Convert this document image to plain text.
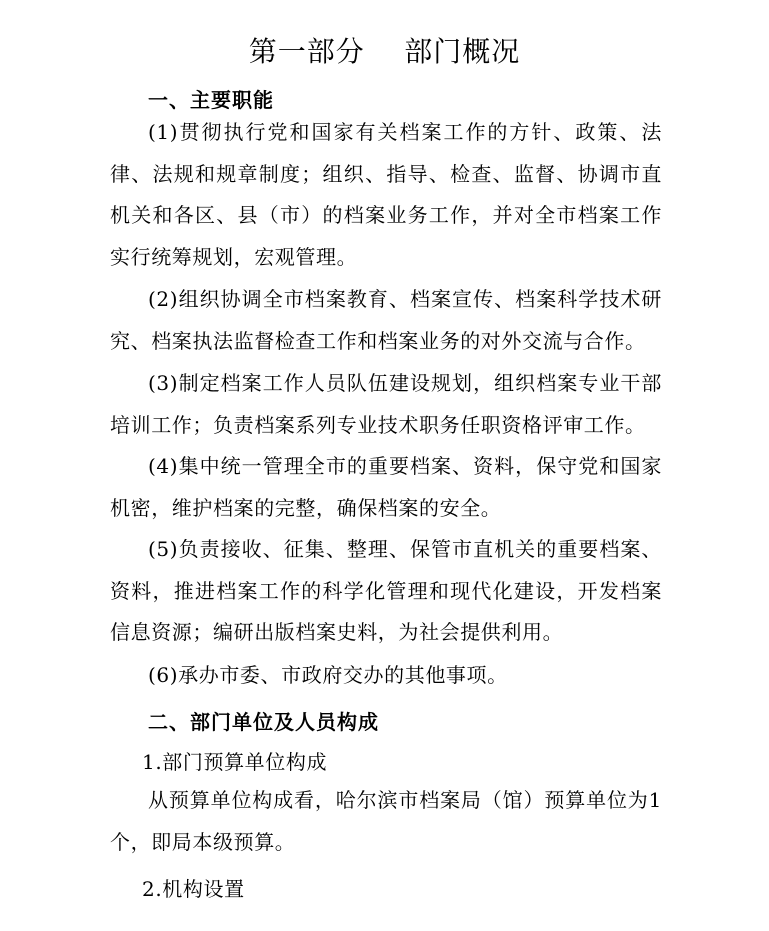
第一部分    部门概况
一、主要职能
(1)贯彻执行党和国家有关档案工作的方针、政策、法律、法规和规章制度；组织、指导、检查、监督、协调市直机关和各区、县（市）的档案业务工作，并对全市档案工作实行统筹规划，宏观管理。
(2)组织协调全市档案教育、档案宣传、档案科学技术研究、档案执法监督检查工作和档案业务的对外交流与合作。
(3)制定档案工作人员队伍建设规划，组织档案专业干部培训工作；负责档案系列专业技术职务任职资格评审工作。
(4)集中统一管理全市的重要档案、资料，保守党和国家机密，维护档案的完整，确保档案的安全。
(5)负责接收、征集、整理、保管市直机关的重要档案、资料，推进档案工作的科学化管理和现代化建设，开发档案信息资源；编研出版档案史料，为社会提供利用。
(6)承办市委、市政府交办的其他事项。
二、部门单位及人员构成
1.部门预算单位构成
从预算单位构成看，哈尔滨市档案局（馆）预算单位为1个，即局本级预算。
2.机构设置
